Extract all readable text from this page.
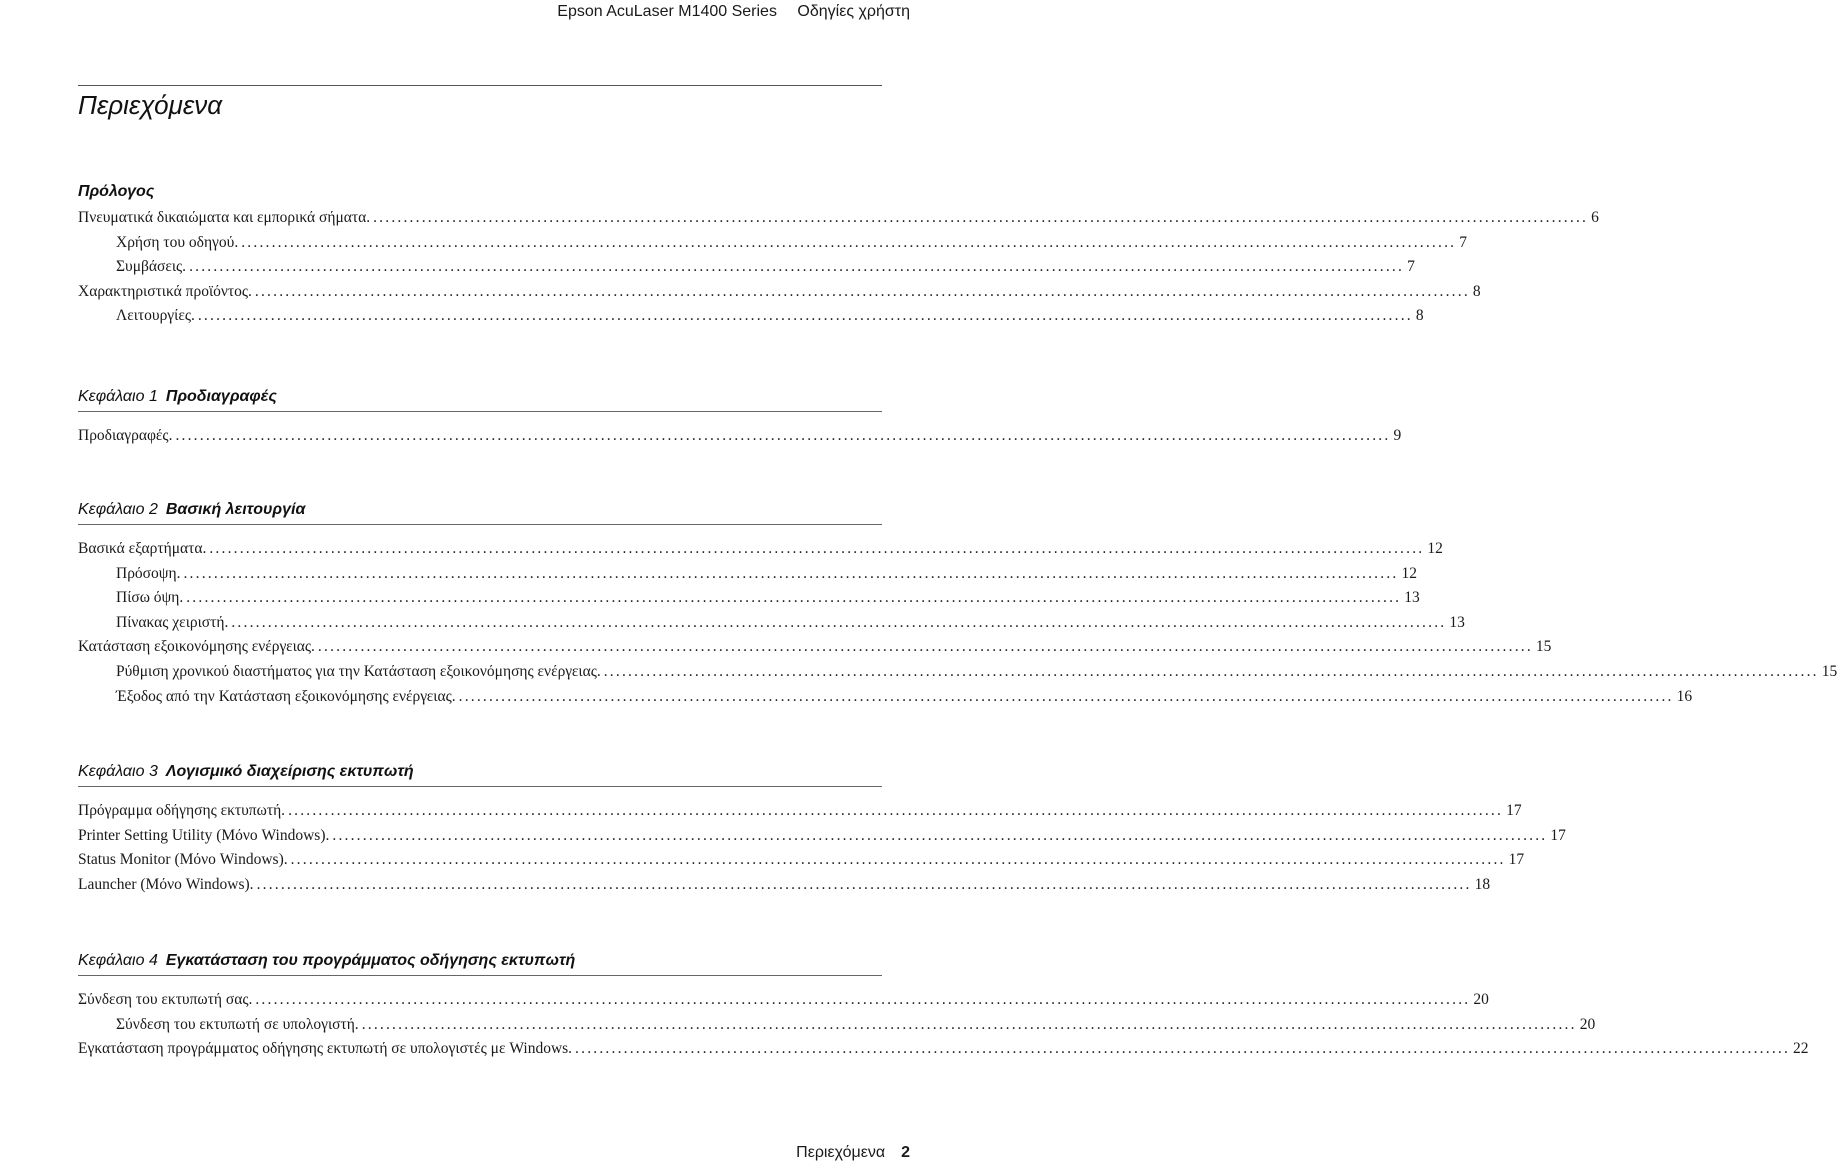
Epson AcuLaser M1400 Series Οδηγίες χρήστη
Περιεχόμενα
Πρόλογος
Πνευματικά δικαιώματα και εμπορικά σήματα. ........................................................................................................................................................................................................ 6
Χρήση του οδηγού. ........................................................................................................................................................................................................ 7
Συμβάσεις. ........................................................................................................................................................................................................ 7
Χαρακτηριστικά προϊόντος. ........................................................................................................................................................................................................ 8
Λειτουργίες. ........................................................................................................................................................................................................ 8
Κεφάλαιο 1 Προδιαγραφές
Προδιαγραφές. ........................................................................................................................................................................................................ 9
Κεφάλαιο 2 Βασική λειτουργία
Βασικά εξαρτήματα. ........................................................................................................................................................................................................ 12
Πρόσοψη. ........................................................................................................................................................................................................ 12
Πίσω όψη. ........................................................................................................................................................................................................ 13
Πίνακας χειριστή. ........................................................................................................................................................................................................ 13
Κατάσταση εξοικονόμησης ενέργειας. ........................................................................................................................................................................................................ 15
Ρύθμιση χρονικού διαστήματος για την Κατάσταση εξοικονόμησης ενέργειας. ........................................................................................................................................................................................................ 15
Έξοδος από την Κατάσταση εξοικονόμησης ενέργειας. ........................................................................................................................................................................................................ 16
Κεφάλαιο 3 Λογισμικό διαχείρισης εκτυπωτή
Πρόγραμμα οδήγησης εκτυπωτή. ........................................................................................................................................................................................................ 17
Printer Setting Utility (Μόνο Windows). ........................................................................................................................................................................................................ 17
Status Monitor (Μόνο Windows). ........................................................................................................................................................................................................ 17
Launcher (Μόνο Windows). ........................................................................................................................................................................................................ 18
Κεφάλαιο 4 Εγκατάσταση του προγράμματος οδήγησης εκτυπωτή
Σύνδεση του εκτυπωτή σας. ........................................................................................................................................................................................................ 20
Σύνδεση του εκτυπωτή σε υπολογιστή. ........................................................................................................................................................................................................ 20
Εγκατάσταση προγράμματος οδήγησης εκτυπωτή σε υπολογιστές με Windows. ........................................................................................................................................................................................................ 22
Περιεχόμενα 2
